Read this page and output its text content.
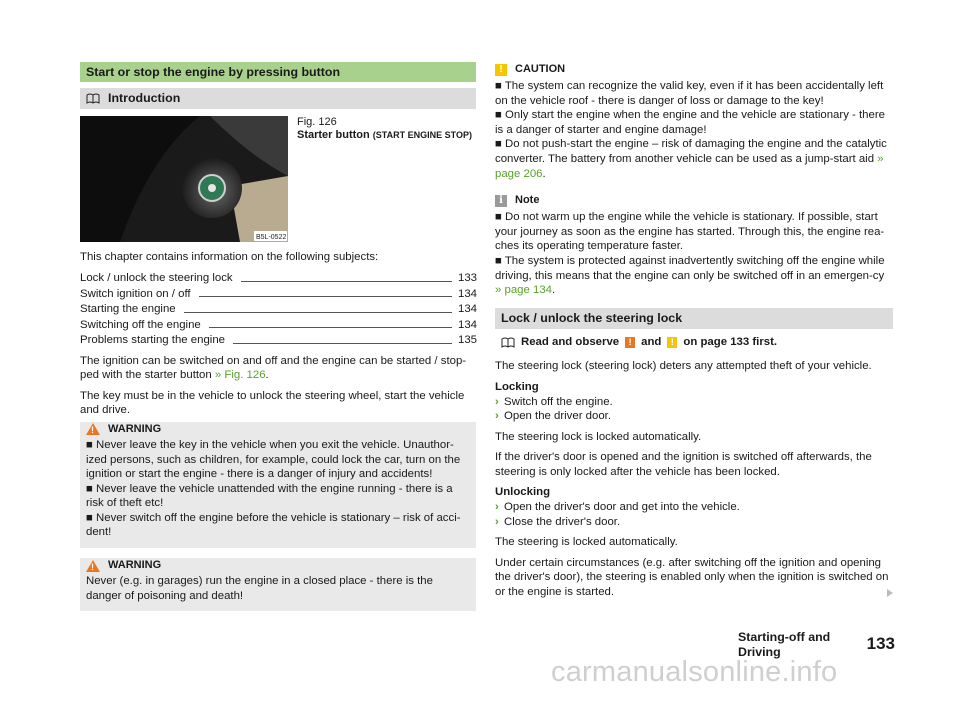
Start or stop the engine by pressing button
Introduction
B5L-0522
Fig. 126
Starter button (START ENGINE STOP)

This chapter contains information on the following subjects:

Lock / unlock the steering lock	133
Switch ignition on / off	134
Starting the engine	134
Switching off the engine	134
Problems starting the engine	135

The ignition can be switched on and off and the engine can be started / stop-ped with the starter button » Fig. 126.

The key must be in the vehicle to unlock the steering wheel, start the vehicle and drive.

! WARNING
■ Never leave the key in the vehicle when you exit the vehicle. Unauthor-ized persons, such as children, for example, could lock the car, turn on the ignition or start the engine - there is a danger of injury and accidents!
■ Never leave the vehicle unattended with the engine running - there is a risk of theft etc!
■ Never switch off the engine before the vehicle is stationary – risk of acci-dent!
! WARNING
Never (e.g. in garages) run the engine in a closed place - there is the danger of poisoning and death!
!	CAUTION
■ The system can recognize the valid key, even if it has been accidentally left on the vehicle roof - there is danger of loss or damage to the key!
■ Only start the engine when the engine and the vehicle are stationary - there is a danger of starter and engine damage!
■ Do not push-start the engine – risk of damaging the engine and the catalytic converter. The battery from another vehicle can be used as a jump-start aid » page 206.
i	Note
■ Do not warm up the engine while the vehicle is stationary. If possible, start your journey as soon as the engine has started. Through this, the engine rea-ches its operating temperature faster.
■ The system is protected against inadvertently switching off the engine while driving, this means that the engine can only be switched off in an emergen-cy » page 134.
Lock / unlock the steering lock
Read and observe	! and	! on page 133 first.

The steering lock (steering lock) deters any attempted theft of your vehicle.

Locking
› Switch off the engine.
› Open the driver door.

The steering lock is locked automatically.

If the driver's door is opened and the ignition is switched off afterwards, the steering is only locked after the vehicle has been locked.

Unlocking
› Open the driver's door and get into the vehicle.
› Close the driver's door.

The steering is locked automatically.

Under certain circumstances (e.g. after switching off the ignition and opening the driver's door), the steering is enabled only when the ignition is switched on or the engine is started.

Starting-off and Driving	133
carmanualsonline.info
